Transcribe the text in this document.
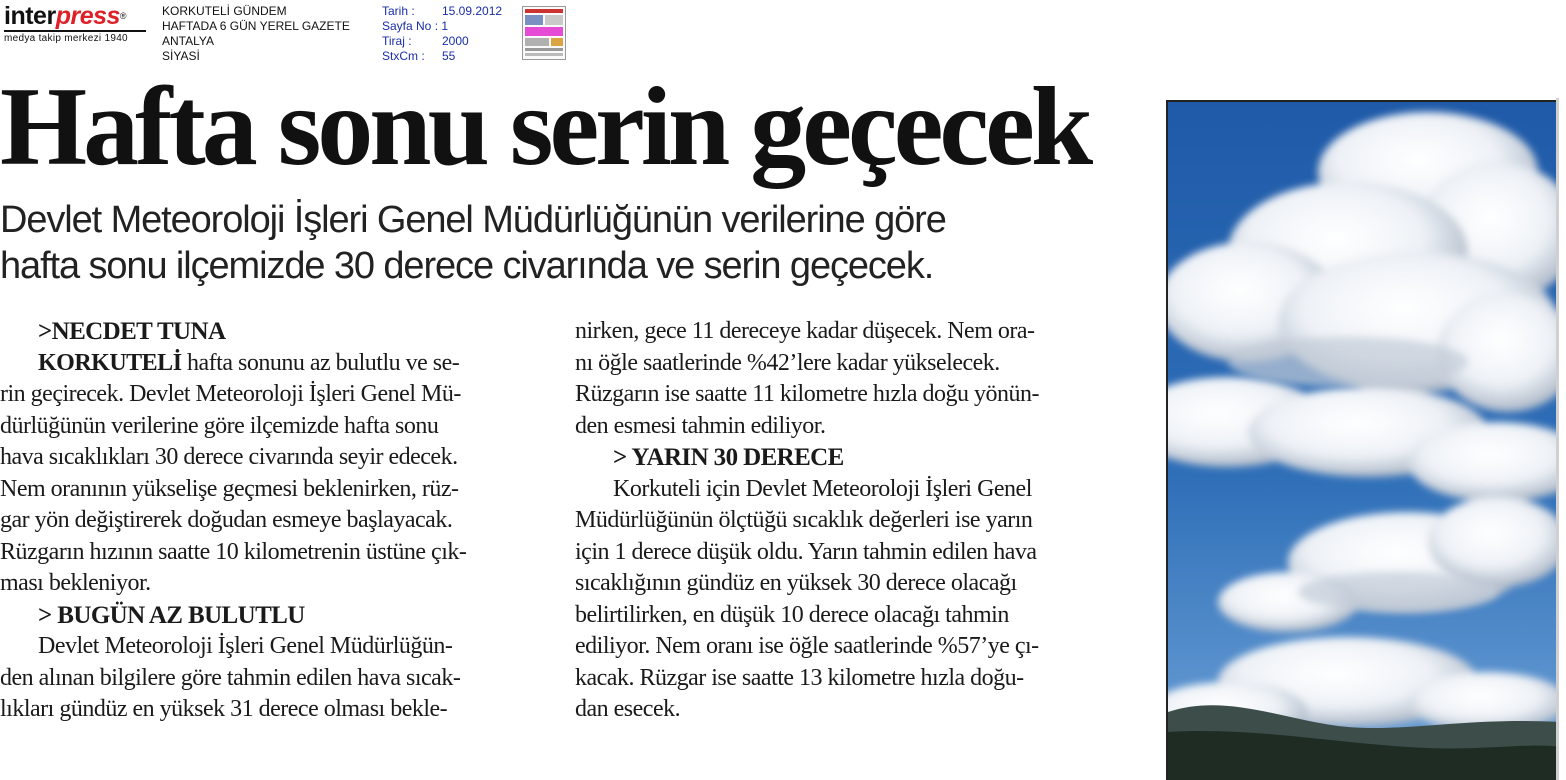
interpress®
medya takip merkezi 1940
KORKUTELİ GÜNDEM
HAFTADA 6 GÜN YEREL GAZETE
ANTALYA
SİYASİ
Tarih : 15.09.2012
Sayfa No : 1
Tiraj :	2000
StxCm : 55
Hafta sonu serin geçecek
Devlet Meteoroloji İşleri Genel Müdürlüğünün verilerine göre
hafta sonu ilçemizde 30 derece civarında ve serin geçecek.
>NECDET TUNA
KORKUTELİ hafta sonunu az bulutlu ve se-
rin geçirecek. Devlet Meteoroloji İşleri Genel Mü-
dürlüğünün verilerine göre ilçemizde hafta sonu
hava sıcaklıkları 30 derece civarında seyir edecek.
Nem oranının yükselişe geçmesi beklenirken, rüz-
gar yön değiştirerek doğudan esmeye başlayacak.
Rüzgarın hızının saatte 10 kilometrenin üstüne çık-
ması bekleniyor.
> BUGÜN AZ BULUTLU
Devlet Meteoroloji İşleri Genel Müdürlüğün-
den alınan bilgilere göre tahmin edilen hava sıcak-
lıkları gündüz en yüksek 31 derece olması bekle-
nirken, gece 11 dereceye kadar düşecek. Nem ora-
nı öğle saatlerinde %42’lere kadar yükselecek.
Rüzgarın ise saatte 11 kilometre hızla doğu yönün-
den esmesi tahmin ediliyor.
> YARIN 30 DERECE
Korkuteli için Devlet Meteoroloji İşleri Genel
Müdürlüğünün ölçtüğü sıcaklık değerleri ise yarın
için 1 derece düşük oldu. Yarın tahmin edilen hava
sıcaklığının gündüz en yüksek 30 derece olacağı
belirtilirken, en düşük 10 derece olacağı tahmin
ediliyor. Nem oranı ise öğle saatlerinde %57’ye çı-
kacak. Rüzgar ise saatte 13 kilometre hızla doğu-
dan esecek.
